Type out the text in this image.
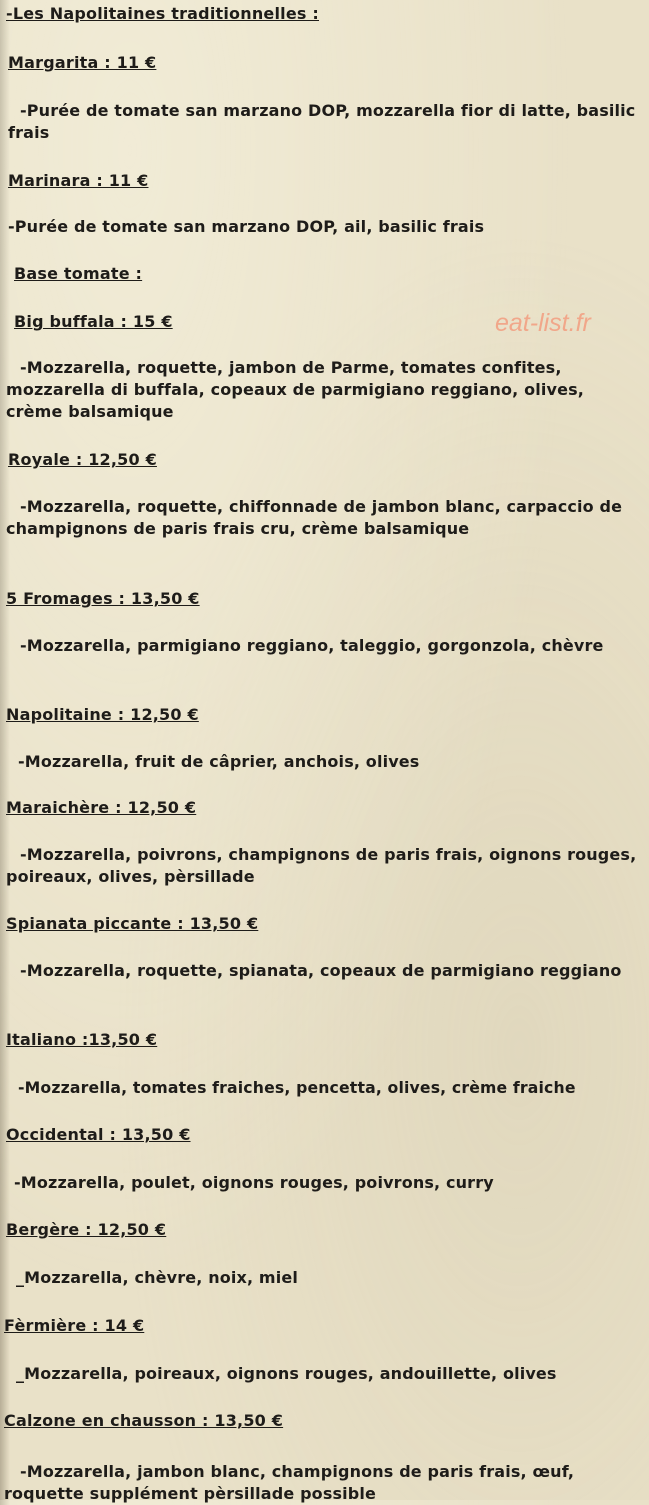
-Les Napolitaines traditionnelles :
eat-list.fr
Margarita : 11 €
-Purée de tomate san marzano DOP, mozzarella fior di latte, basilic frais
Marinara : 11 €
-Purée de tomate san marzano DOP, ail, basilic frais
Base tomate :
Big buffala : 15 €
-Mozzarella, roquette, jambon de Parme, tomates confites, mozzarella di buffala, copeaux de parmigiano reggiano, olives, crème balsamique
Royale : 12,50 €
-Mozzarella, roquette, chiffonnade de jambon blanc, carpaccio de champignons de paris frais cru, crème balsamique
5 Fromages : 13,50 €
-Mozzarella, parmigiano reggiano, taleggio, gorgonzola, chèvre
Napolitaine : 12,50 €
-Mozzarella, fruit de câprier, anchois, olives
Maraichère : 12,50 €
-Mozzarella, poivrons, champignons de paris frais, oignons rouges, poireaux, olives, pèrsillade
Spianata piccante : 13,50 €
-Mozzarella, roquette, spianata, copeaux de parmigiano reggiano
Italiano :13,50 €
-Mozzarella, tomates fraiches, pencetta, olives, crème fraiche
Occidental : 13,50 €
-Mozzarella, poulet, oignons rouges, poivrons, curry
Bergère : 12,50 €
_Mozzarella, chèvre, noix, miel
Fèrmière : 14 €
_Mozzarella, poireaux, oignons rouges, andouillette, olives
Calzone en chausson : 13,50 €
-Mozzarella, jambon blanc, champignons de paris frais, œuf, roquette supplément pèrsillade possible
